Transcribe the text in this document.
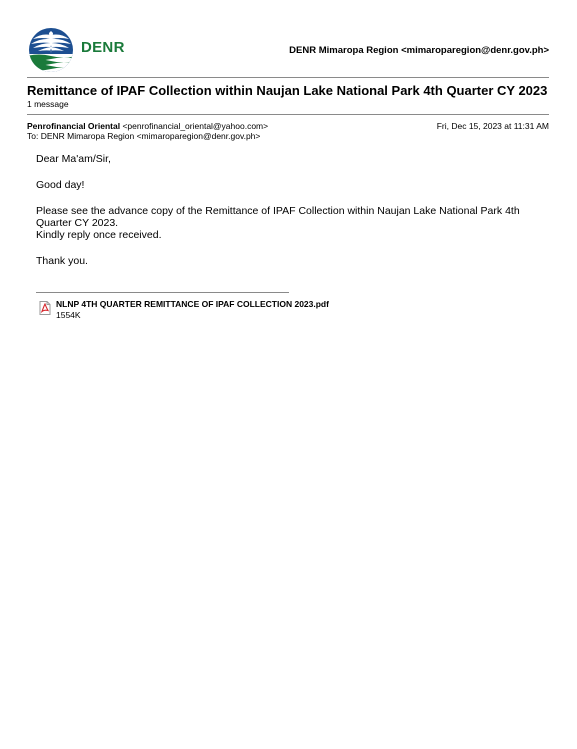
DENR	DENR Mimaropa Region <mimaroparegion@denr.gov.ph>
Remittance of IPAF Collection within Naujan Lake National Park 4th Quarter CY 2023
1 message
Penrofinancial Oriental <penrofinancial_oriental@yahoo.com>	Fri, Dec 15, 2023 at 11:31 AM
To: DENR Mimaropa Region <mimaroparegion@denr.gov.ph>

Dear Ma'am/Sir,

Good day!

Please see the advance copy of the Remittance of IPAF Collection within Naujan Lake National Park 4th Quarter CY 2023.

Kindly reply once received.

Thank you.

NLNP 4TH QUARTER REMITTANCE OF IPAF COLLECTION 2023.pdf
1554K
